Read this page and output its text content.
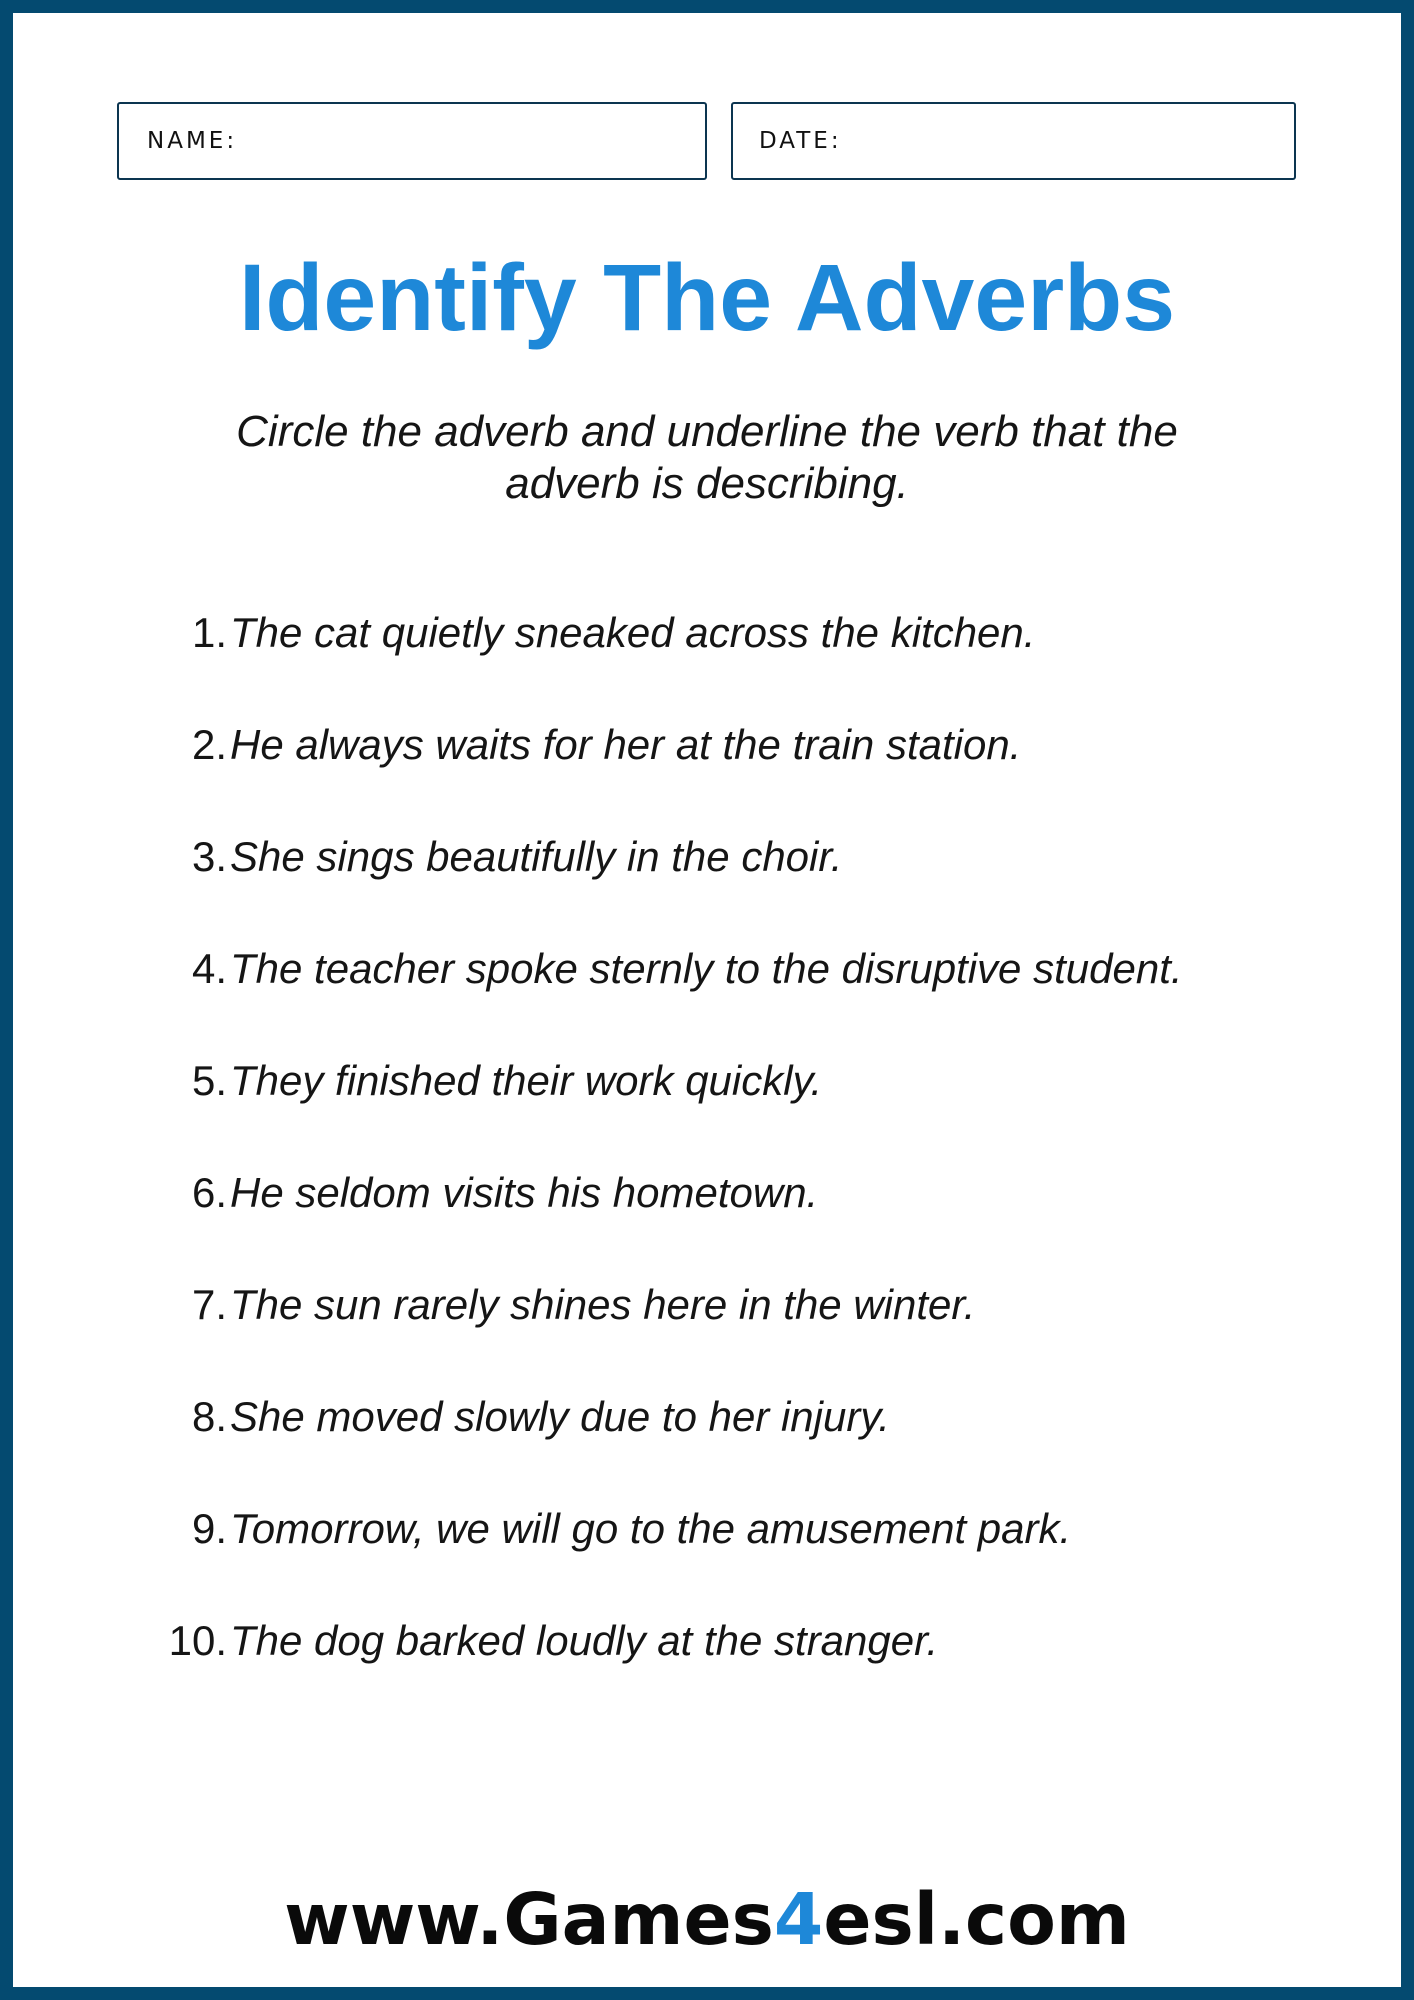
NAME:	DATE:
Identify The Adverbs
Circle the adverb and underline the verb that the adverb is describing.
1. The cat quietly sneaked across the kitchen.
2. He always waits for her at the train station.
3. She sings beautifully in the choir.
4. The teacher spoke sternly to the disruptive student.
5. They finished their work quickly.
6. He seldom visits his hometown.
7. The sun rarely shines here in the winter.
8. She moved slowly due to her injury.
9. Tomorrow, we will go to the amusement park.
10. The dog barked loudly at the stranger.
www.Games4esl.com
